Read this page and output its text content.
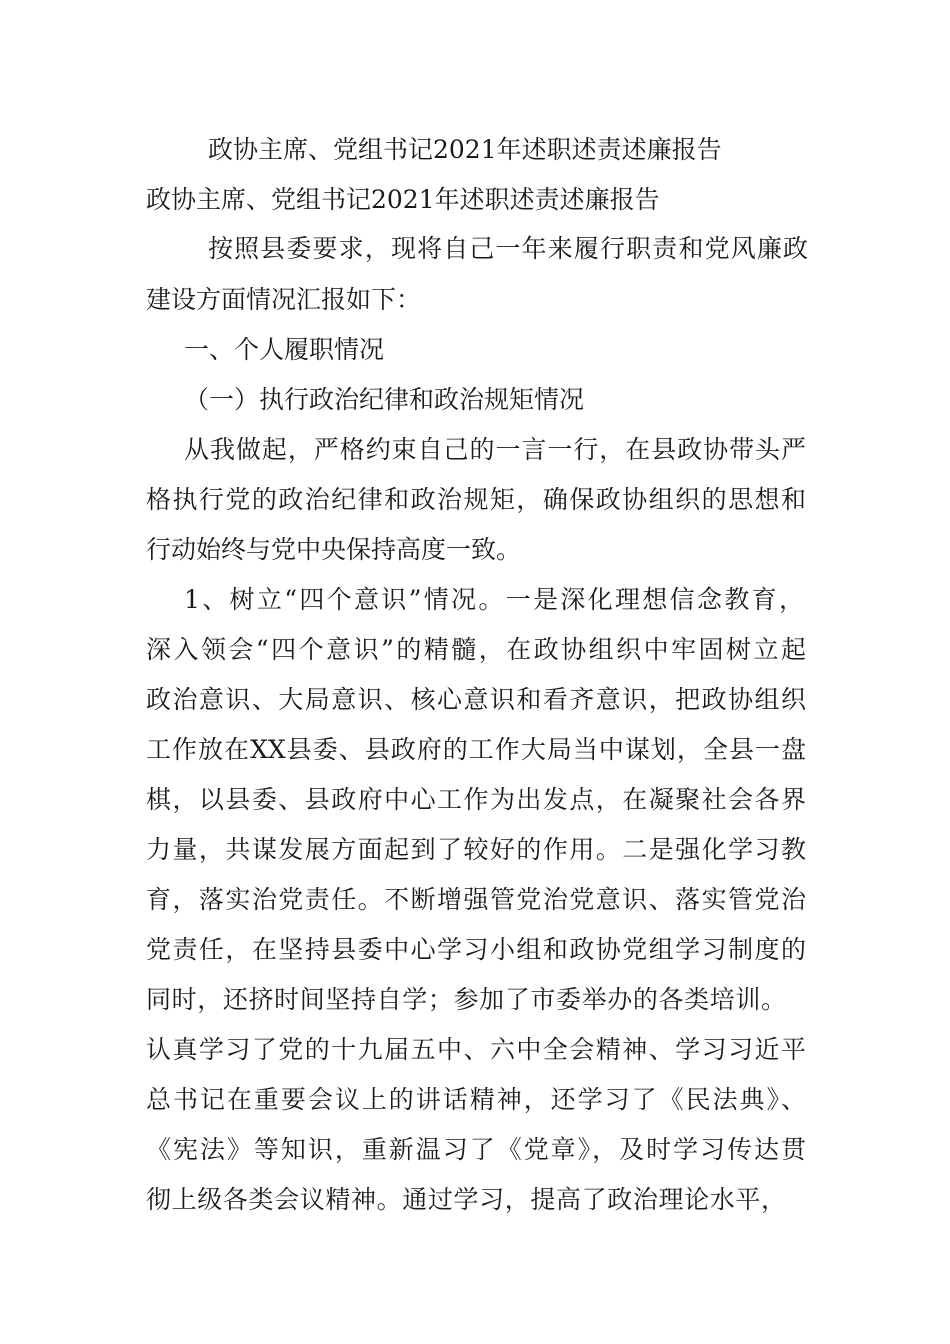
政协主席、党组书记2021年述职述责述廉报告
政协主席、党组书记2021年述职述责述廉报告
按照县委要求，现将自己一年来履行职责和党风廉政
建设方面情况汇报如下：
一、个人履职情况
（一）执行政治纪律和政治规矩情况
从我做起，严格约束自己的一言一行，在县政协带头严
格执行党的政治纪律和政治规矩，确保政协组织的思想和
行动始终与党中央保持高度一致。
1、树立“四个意识”情况。一是深化理想信念教育，
深入领会“四个意识”的精髓，在政协组织中牢固树立起
政治意识、大局意识、核心意识和看齐意识，把政协组织
工作放在XX县委、县政府的工作大局当中谋划，全县一盘
棋，以县委、县政府中心工作为出发点，在凝聚社会各界
力量，共谋发展方面起到了较好的作用。二是强化学习教
育，落实治党责任。不断增强管党治党意识、落实管党治
党责任，在坚持县委中心学习小组和政协党组学习制度的
同时，还挤时间坚持自学；参加了市委举办的各类培训。
认真学习了党的十九届五中、六中全会精神、学习习近平
总书记在重要会议上的讲话精神，还学习了《民法典》、
《宪法》等知识，重新温习了《党章》，及时学习传达贯
彻上级各类会议精神。通过学习，提高了政治理论水平，
